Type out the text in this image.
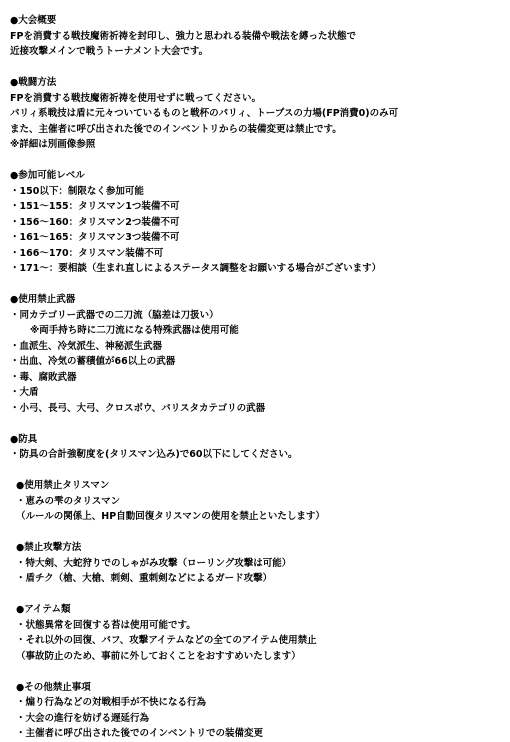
●大会概要
FPを消費する戦技魔術祈祷を封印し、強力と思われる装備や戦法を縛った状態で
近接攻撃メインで戦うトーナメント大会です。
●戦闘方法
FPを消費する戦技魔術祈祷を使用せずに戦ってください。
パリィ系戦技は盾に元々ついているものと戦杯のパリィ、トープスの力場(FP消費0)のみ可
また、主催者に呼び出された後でのインベントリからの装備変更は禁止です。
※詳細は別画像参照
●参加可能レベル
・150以下：制限なく参加可能
・151～155：タリスマン1つ装備不可
・156～160：タリスマン2つ装備不可
・161～165：タリスマン3つ装備不可
・166～170：タリスマン装備不可
・171～：要相談（生まれ直しによるステータス調整をお願いする場合がございます）
●使用禁止武器
・同カテゴリー武器での二刀流（脇差は刀扱い）
※両手持ち時に二刀流になる特殊武器は使用可能
・血派生、冷気派生、神秘派生武器
・出血、冷気の蓄積値が66以上の武器
・毒、腐敗武器
・大盾
・小弓、長弓、大弓、クロスボウ、バリスタカテゴリの武器
●防具
・防具の合計強靭度を(タリスマン込み)で60以下にしてください。
●使用禁止タリスマン
・恵みの雫のタリスマン
（ルールの関係上、HP自動回復タリスマンの使用を禁止といたします）
●禁止攻撃方法
・特大剣、大蛇狩りでのしゃがみ攻撃（ローリング攻撃は可能）
・盾チク（槍、大槍、刺剣、重刺剣などによるガード攻撃）
●アイテム類
・状態異常を回復する苔は使用可能です。
・それ以外の回復、バフ、攻撃アイテムなどの全てのアイテム使用禁止
（事故防止のため、事前に外しておくことをおすすめいたします）
●その他禁止事項
・煽り行為などの対戦相手が不快になる行為
・大会の進行を妨げる遅延行為
・主催者に呼び出された後でのインベントリでの装備変更
